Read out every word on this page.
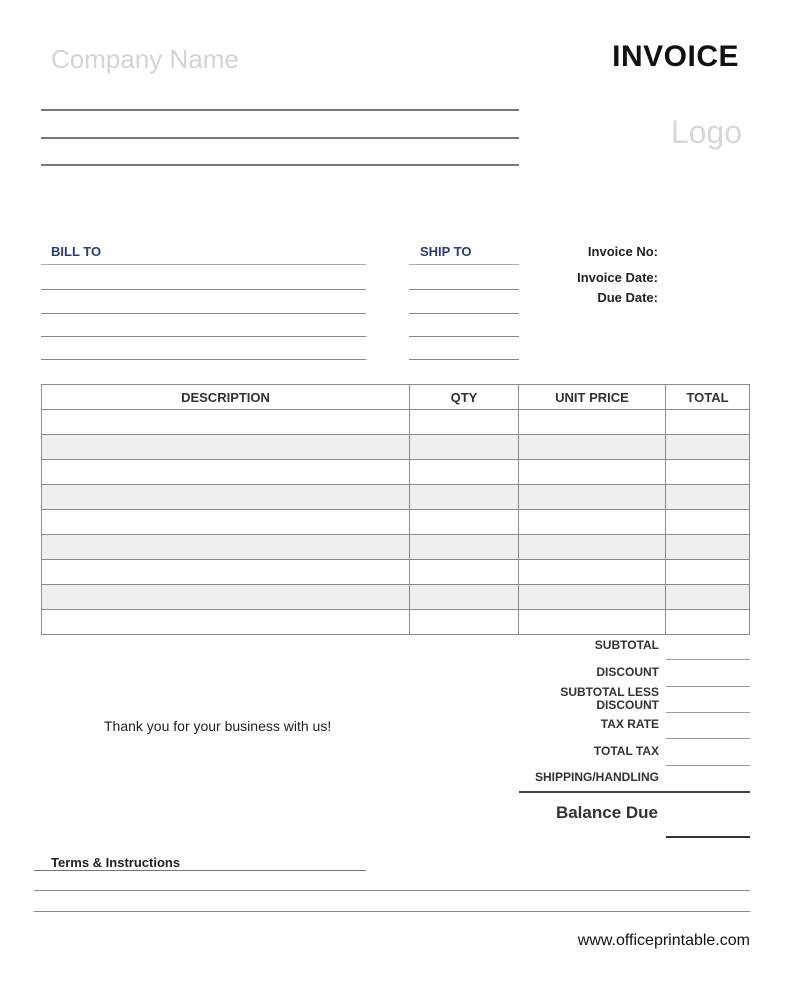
Company Name	INVOICE
Logo
BILL TO	SHIP TO	Invoice No:
Invoice Date:
Due Date:
DESCRIPTION	QTY	UNIT PRICE	TOTAL

SUBTOTAL
DISCOUNT
SUBTOTAL LESS
DISCOUNT
TAX RATE
TOTAL TAX
SHIPPING/HANDLING
Balance Due
Thank you for your business with us!
Terms & Instructions
www.officeprintable.com
